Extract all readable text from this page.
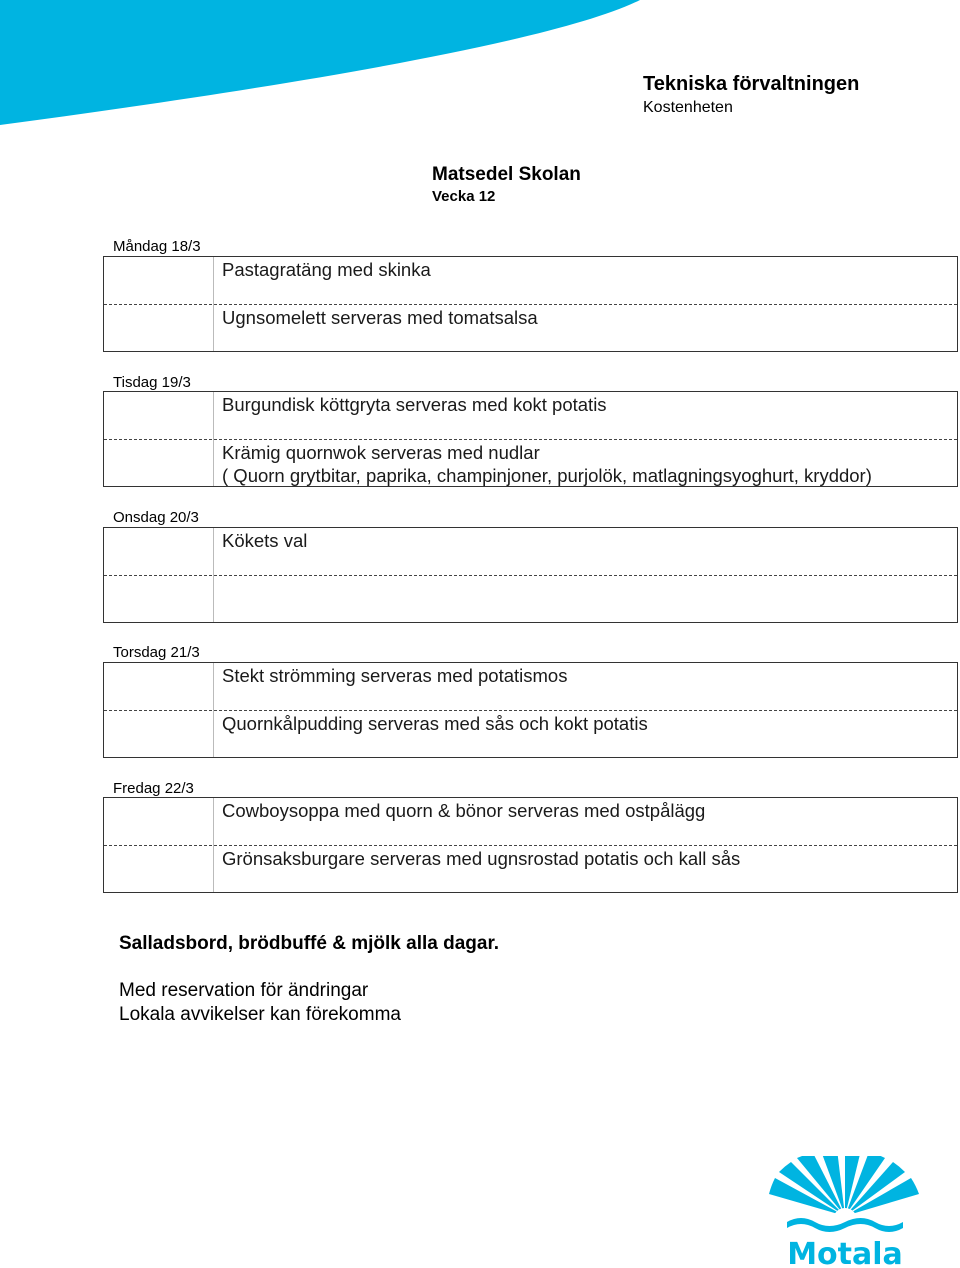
Tekniska förvaltningen
Kostenheten
Matsedel Skolan
Vecka 12
Måndag 18/3
Pastagratäng med skinka
Ugnsomelett serveras med tomatsalsa
Tisdag 19/3
Burgundisk köttgryta serveras med kokt potatis
Krämig quornwok serveras med nudlar
( Quorn grytbitar, paprika, champinjoner, purjolök, matlagningsyoghurt, kryddor)
Onsdag 20/3
Kökets val
Torsdag 21/3
Stekt strömming serveras med potatismos
Quornkålpudding serveras med sås och kokt potatis
Fredag 22/3
Cowboysoppa med quorn & bönor serveras med ostpålägg
Grönsaksburgare serveras med ugnsrostad potatis och kall sås
Salladsbord, brödbuffé & mjölk alla dagar.
Med reservation för ändringar
Lokala avvikelser kan förekomma
Motala
